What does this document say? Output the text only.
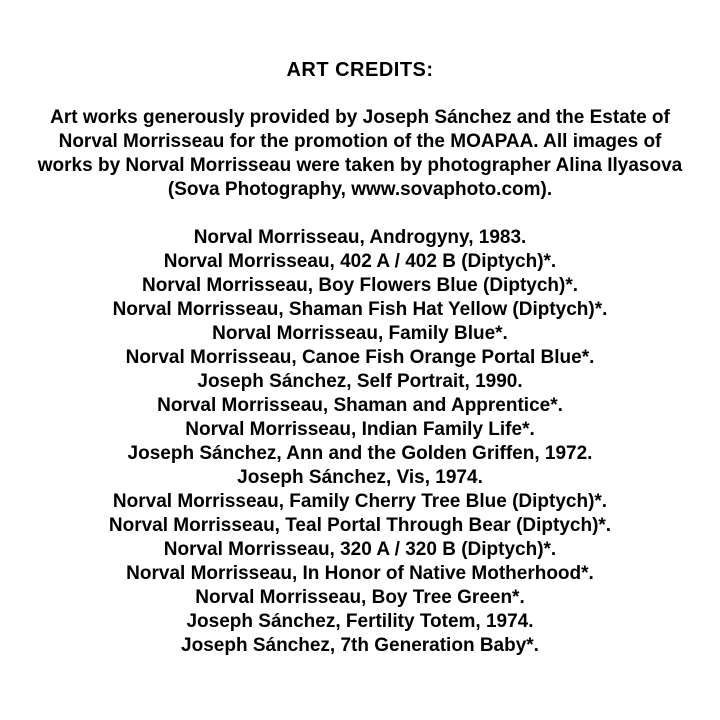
ART CREDITS:

Art works generously provided by Joseph Sánchez and the Estate of Norval Morrisseau for the promotion of the MOAPAA. All images of works by Norval Morrisseau were taken by photographer Alina Ilyasova (Sova Photography, www.sovaphoto.com).

Norval Morrisseau, Androgyny, 1983.
Norval Morrisseau, 402 A / 402 B (Diptych)*.
Norval Morrisseau, Boy Flowers Blue (Diptych)*.
Norval Morrisseau, Shaman Fish Hat Yellow (Diptych)*.
Norval Morrisseau, Family Blue*.
Norval Morrisseau, Canoe Fish Orange Portal Blue*.
Joseph Sánchez, Self Portrait, 1990.
Norval Morrisseau, Shaman and Apprentice*.
Norval Morrisseau, Indian Family Life*.
Joseph Sánchez, Ann and the Golden Griffen, 1972.
Joseph Sánchez, Vis, 1974.
Norval Morrisseau, Family Cherry Tree Blue (Diptych)*.
Norval Morrisseau, Teal Portal Through Bear (Diptych)*.
Norval Morrisseau, 320 A / 320 B (Diptych)*.
Norval Morrisseau, In Honor of Native Motherhood*.
Norval Morrisseau, Boy Tree Green*.
Joseph Sánchez, Fertility Totem, 1974.
Joseph Sánchez, 7th Generation Baby*.
